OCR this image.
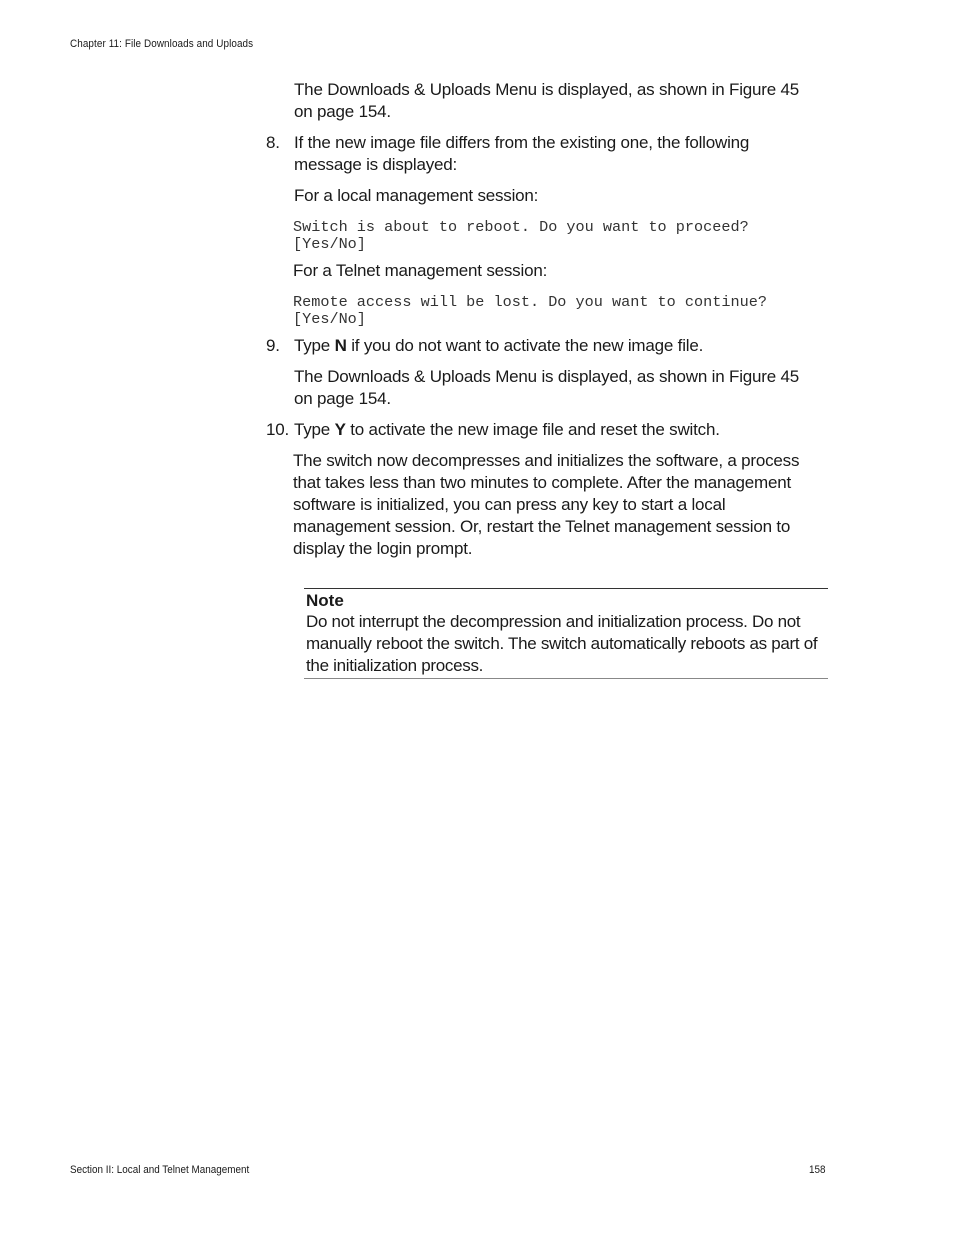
Chapter 11: File Downloads and Uploads
The Downloads & Uploads Menu is displayed, as shown in Figure 45 on page 154.
8. If the new image file differs from the existing one, the following message is displayed:
For a local management session:
Switch is about to reboot. Do you want to proceed?
[Yes/No]
For a Telnet management session:
Remote access will be lost. Do you want to continue?
[Yes/No]
9. Type N if you do not want to activate the new image file.
The Downloads & Uploads Menu is displayed, as shown in Figure 45 on page 154.
10. Type Y to activate the new image file and reset the switch.
The switch now decompresses and initializes the software, a process that takes less than two minutes to complete. After the management software is initialized, you can press any key to start a local management session. Or, restart the Telnet management session to display the login prompt.
Note
Do not interrupt the decompression and initialization process. Do not manually reboot the switch. The switch automatically reboots as part of the initialization process.
Section II: Local and Telnet Management	158
